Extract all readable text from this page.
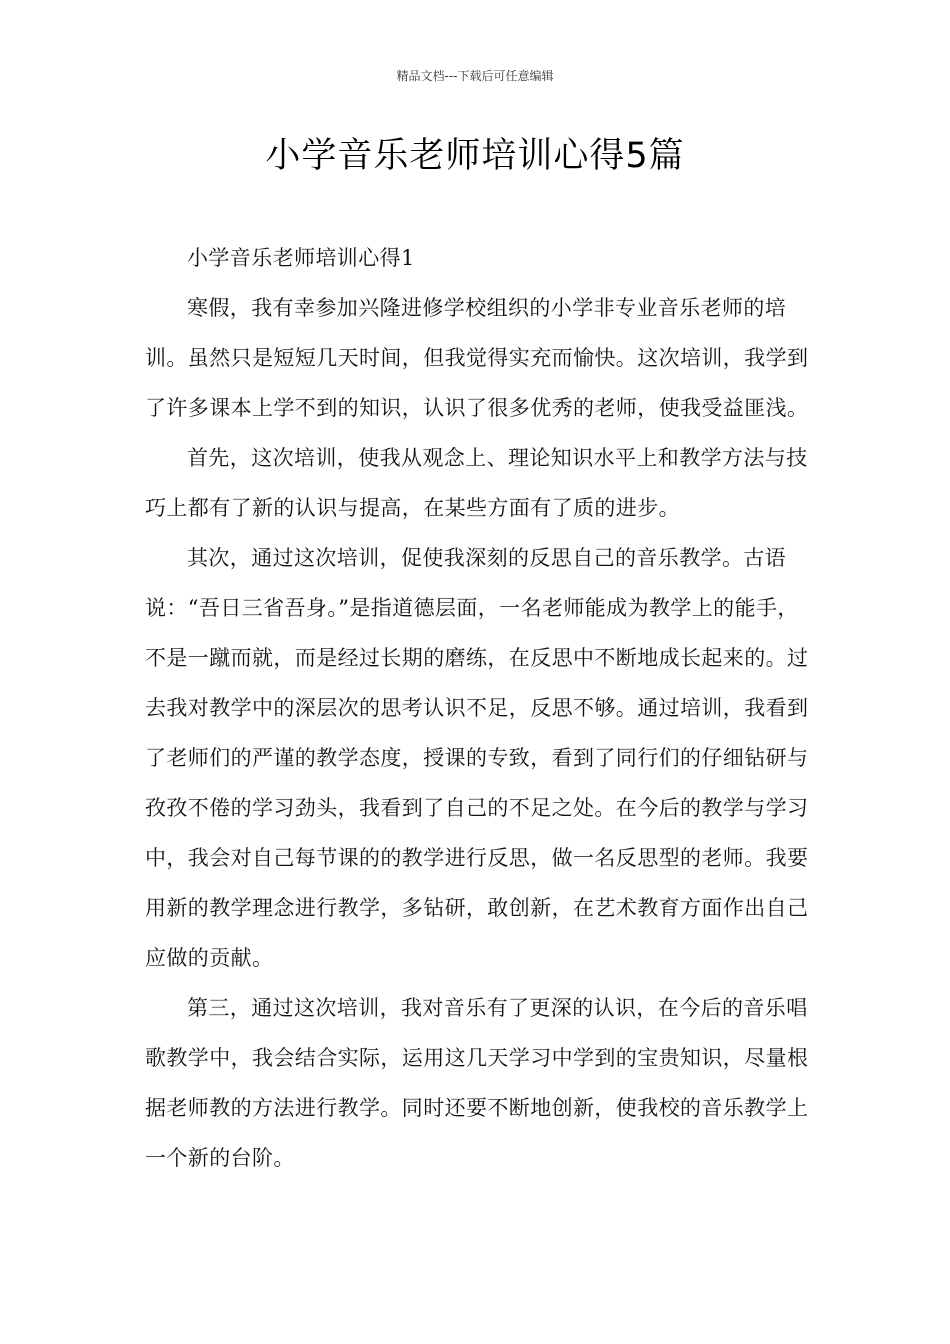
精品文档---下载后可任意编辑
小学音乐老师培训心得5篇

小学音乐老师培训心得1

寒假，我有幸参加兴隆进修学校组织的小学非专业音乐老师的培训。虽然只是短短几天时间，但我觉得实充而愉快。这次培训，我学到了许多课本上学不到的知识，认识了很多优秀的老师，使我受益匪浅。

首先，这次培训，使我从观念上、理论知识水平上和教学方法与技巧上都有了新的认识与提高，在某些方面有了质的进步。

其次，通过这次培训，促使我深刻的反思自己的音乐教学。古语说：“吾日三省吾身。”是指道德层面，一名老师能成为教学上的能手，不是一蹴而就，而是经过长期的磨练，在反思中不断地成长起来的。过去我对教学中的深层次的思考认识不足，反思不够。通过培训，我看到了老师们的严谨的教学态度，授课的专致，看到了同行们的仔细钻研与孜孜不倦的学习劲头，我看到了自己的不足之处。在今后的教学与学习中，我会对自己每节课的的教学进行反思，做一名反思型的老师。我要用新的教学理念进行教学，多钻研，敢创新，在艺术教育方面作出自己应做的贡献。

第三，通过这次培训，我对音乐有了更深的认识，在今后的音乐唱歌教学中，我会结合实际，运用这几天学习中学到的宝贵知识，尽量根据老师教的方法进行教学。同时还要不断地创新，使我校的音乐教学上一个新的台阶。
